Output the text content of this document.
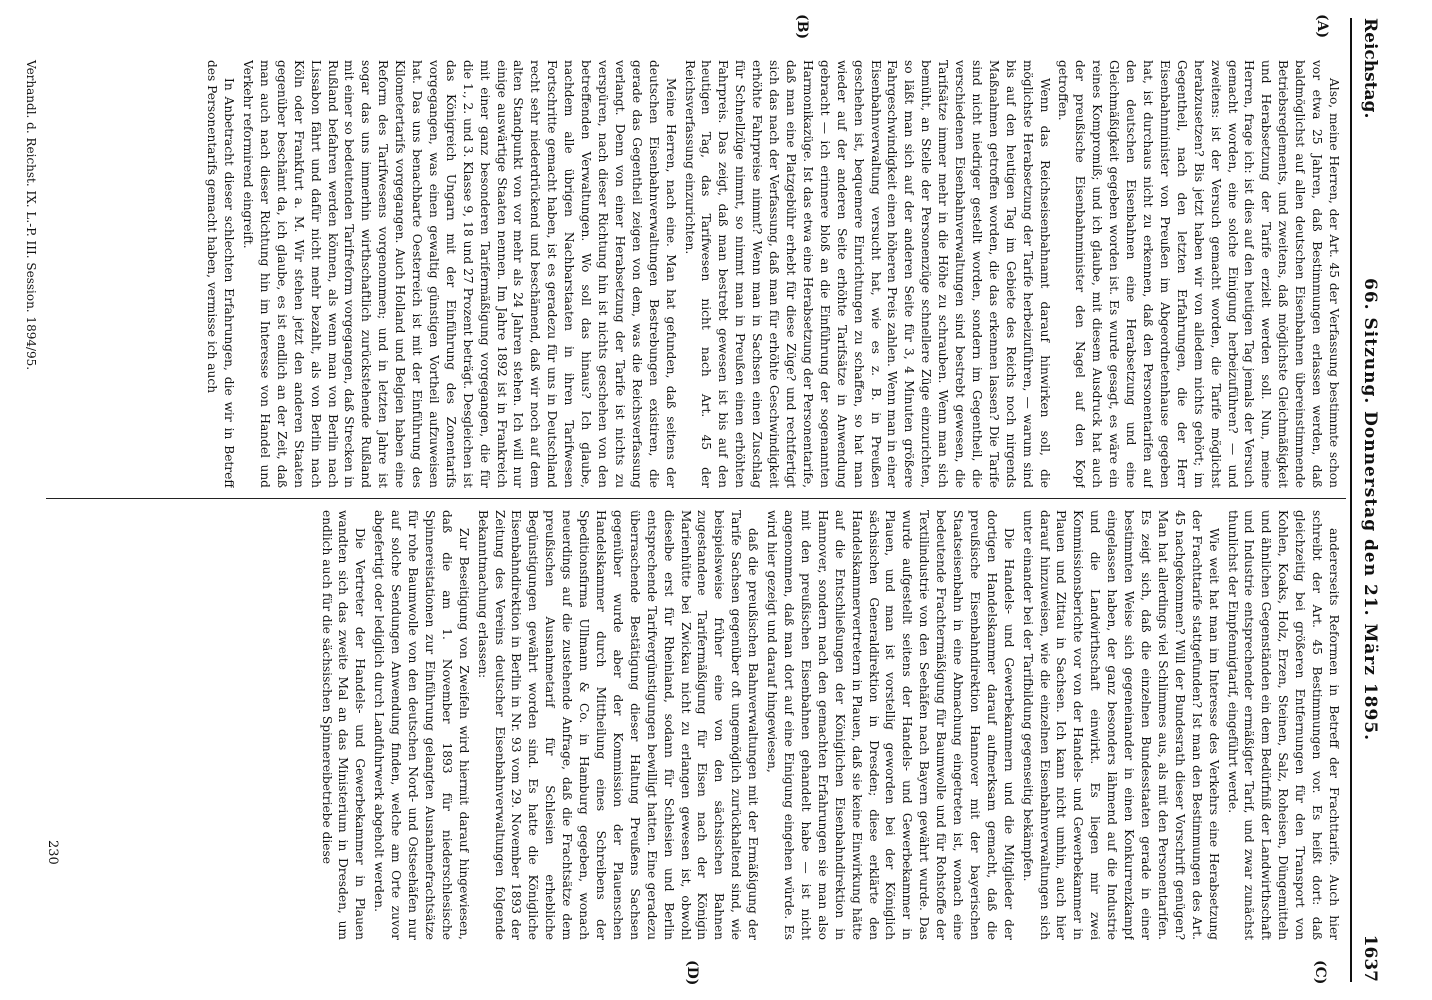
Reichstag.
66. Sitzung. Donnerstag den 21. März 1895.
1637
(A)
(B)
(C)
(D)

Also, meine Herren, der Art. 45 der Verfassung bestimmte schon vor etwa 25 Jahren, daß Bestimmungen erlassen werden, daß baldmöglichst auf allen deutschen Eisenbahnen übereinstimmende Betriebsreglements, und zweitens, daß möglichste Gleichmäßigkeit und Herabsetzung der Tarife erzielt werden soll. Nun, meine Herren, frage ich: ist dies auf den heutigen Tag jemals der Versuch gemacht worden, eine solche Einigung herbeizuführen? — und zweitens: ist der Versuch gemacht worden, die Tarife möglichst herabzusetzen? Bis jetzt haben wir von alledem nichts gehört; im Gegentheil, nach den letzten Erfahrungen, die der Herr Eisenbahnminister von Preußen im Abgeordnetenhause gegeben hat, ist durchaus nicht zu erkennen, daß den Personentarifen auf den deutschen Eisenbahnen eine Herabsetzung und eine Gleichmäßigkeit gegeben worden ist. Es wurde gesagt, es wäre ein reines Kompromiß; und ich glaube, mit diesem Ausdruck hat auch der preußische Eisenbahnminister den Nagel auf den Kopf getroffen.

Wenn das Reichseisenbahnamt darauf hinwirken soll, die möglichste Herabsetzung der Tarife herbeizuführen, — warum sind bis auf den heutigen Tag im Gebiete des Reichs noch nirgends Maßnahmen getroffen worden, die das erkennen lassen? Die Tarife sind nicht niedriger gestellt worden, sondern im Gegentheil, die verschiedenen Eisenbahnverwaltungen sind bestrebt gewesen, die Tarifsätze immer mehr in die Höhe zu schrauben. Wenn man sich bemüht, an Stelle der Personenzüge schnellere Züge einzurichten, so läßt man sich auf der anderen Seite für 3, 4 Minuten größere Fahrgeschwindigkeit einen höheren Preis zahlen. Wenn man in einer Eisenbahnverwaltung versucht hat, wie es z. B. in Preußen geschehen ist, bequemere Einrichtungen zu schaffen, so hat man wieder auf der anderen Seite erhöhte Tarifsätze in Anwendung gebracht — ich erinnere bloß an die Einführung der sogenannten Harmonikazüge. Ist das etwa eine Herabsetzung der Personentarife, daß man eine Platzgebühr erhebt für diese Züge? und rechtfertigt sich das nach der Verfassung, daß man für erhöhte Geschwindigkeit erhöhte Fahrpreise nimmt? Wenn man in Sachsen einen Zuschlag für Schnellzüge nimmt, so nimmt man in Preußen einen erhöhten Fahrpreis. Das zeigt, daß man bestrebt gewesen ist bis auf den heutigen Tag, das Tarifwesen nicht nach Art. 45 der Reichsverfassung einzurichten.

Meine Herren, nach eine. Man hat gefunden, daß seitens der deutschen Eisenbahnverwaltungen Bestrebungen existiren, die gerade das Gegentheil zeigen von dem, was die Reichsverfassung verlangt. Denn von einer Herabsetzung der Tarife ist nichts zu verspüren, nach dieser Richtung hin ist nichts geschehen von den betreffenden Verwaltungen. Wo soll das hinaus? Ich glaube, nachdem alle übrigen Nachbarstaaten in ihren Tarifwesen Fortschritte gemacht haben, ist es geradezu für uns in Deutschland recht sehr niederdrückend und beschämend, daß wir noch auf dem alten Standpunkt von vor mehr als 24 Jahren stehen. Ich will nur einige auswärtige Staaten nennen. Im Jahre 1892 ist in Frankreich mit einer ganz besonderen Tarifermäßigung vorgegangen, die für die 1., 2. und 3. Klasse 9, 18 und 27 Prozent beträgt. Desgleichen ist das Königreich Ungarn mit der Einführung des Zonentarifs vorgegangen, was einen gewaltig günstigen Vortheil aufzuweisen hat. Das uns benachbarte Oesterreich ist mit der Einführung des Kilometertarifs vorgegangen. Auch Holland und Belgien haben eine Reform des Tarifwesens vorgenommen; und in letzten Jahre ist sogar das uns immerhin wirthschaftlich zurückstehende Rußland mit einer so bedeutenden Tarifreform vorgegangen, daß Strecken in Rußland befahren werden können, als wenn man von Berlin nach Lissabon fährt und dafür nicht mehr bezahlt, als von Berlin nach Köln oder Frankfurt a. M. Wir stehen jetzt den anderen Staaten gegenüber beschämt da, ich glaube, es ist endlich an der Zeit, daß man auch nach dieser Richtung hin im Interesse von Handel und Verkehr reformirend eingreift.

In Anbetracht dieser schlechten Erfahrungen, die wir in Betreff des Personentarifs gemacht haben, vermisse ich auch

andererseits Reformen in Betreff der Frachttarife. Auch hier schreibt der Art. 45 Bestimmungen vor. Es heißt dort: daß gleichzeitig bei größeren Entfernungen für den Transport von Kohlen, Koaks, Holz, Erzen, Steinen, Salz, Roheisen, Düngemitteln und ähnlichen Gegenständen ein dem Bedürfniß der Landwirthschaft und Industrie entsprechender ermäßigter Tarif, und zwar zunächst thunlichst der Einpfennigtarif, eingeführt werde.

Wie weit hat man im Interesse des Verkehrs eine Herabsetzung der Frachttarife stattgefunden? Ist man den Bestimmungen des Art. 45 nachgekommen? Will der Bundesrath dieser Vorschrift genügen? Man hat allerdings viel Schlimmes aus, als mit den Personentarifen. Es zeigt sich, daß die einzelnen Bundesstaaten gerade in einer bestimmten Weise sich gegeneinander in einen Konkurrenzkampf eingelassen haben, der ganz besonders lähmend auf die Industrie und die Landwirthschaft einwirkt. Es liegen mir zwei Kommissionsberichte vor von der Handels- und Gewerbekammer in Plauen und Zittau in Sachsen. Ich kann nicht umhin, auch hier darauf hinzuweisen, wie die einzelnen Eisenbahnverwaltungen sich unter einander bei der Tarifbildung gegenseitig bekämpfen.

Die Handels- und Gewerbekammern und die Mitglieder der dortigen Handelskammer darauf aufmerksam gemacht, daß die preußische Eisenbahndirektion Hannover mit der bayerischen Staatseisenbahn in eine Abmachung eingetreten ist, wonach eine bedeutende Frachtermäßigung für Baumwolle und für Rohstoffe der Textilindustrie von den Seehäfen nach Bayern gewährt wurde. Das wurde aufgestellt seitens der Handels- und Gewerbekammer in Plauen, und man ist vorstellig geworden bei der Königlich sächsischen Generaldirektion in Dresden; diese erklärte den Handelskammervertretern in Plauen, daß sie keine Einwirkung hätte auf die Entschließungen der Königlichen Eisenbahndirektion in Hannover, sondern nach den gemachten Erfahrungen sie man also mit den preußischen Eisenbahnen gehandelt habe — ist nicht angenommen, daß man dort auf eine Einigung eingehen würde. Es wird hier gezeigt und darauf hingewiesen,

daß die preußischen Bahnverwaltungen mit der Ermäßigung der Tarife Sachsen gegenüber oft ungemöglich zurückhaltend sind, wie beispielsweise früher eine von den sächsischen Bahnen zugestandene Tarifermäßigung für Eisen nach der Königin Marienhütte bei Zwickau nicht zu erlangen gewesen ist, obwohl dieselbe erst für Rheinland, sodann für Schlesien und Berlin entsprechende Tarifvergünstigungen bewilligt hatten. Eine geradezu überraschende Bestätigung dieser Haltung Preußens Sachsen gegenüber wurde aber der Kommission der Plauenschen Handelskammer durch Mittheilung eines Schreibens der Speditionsfirma Ullmann & Co. in Hamburg gegeben, wonach neuerdings auf die zustehende Anfrage, daß die Frachtsätze dem preußischen Ausnahmetarif für Schlesien erhebliche Begünstigungen gewährt worden sind. Es hatte die Königliche Eisenbahndirektion in Berlin in Nr. 93 vom 29. November 1893 der Zeitung des Vereins deutscher Eisenbahnverwaltungen folgende Bekanntmachung erlassen:

Zur Beseitigung von Zweifeln wird hiermit darauf hingewiesen, daß die am 1. November 1893 für niederschlesische Spinnereistationen zur Einführung gelangten Ausnahmefrachtsätze für rohe Baumwolle von den deutschen Nord- und Ostseehäfen nur auf solche Sendungen Anwendung finden, welche am Orte zuvor abgefertigt oder lediglich durch Landfuhrwerk abgeholt werden.

Die Vertreter der Handels- und Gewerbekammer in Plauen wandten sich das zweite Mal an das Ministerium in Dresden, um endlich auch für die sächsischen Spinnereibetriebe diese

Verhandl. d. Reichst. IX. L.-P. III. Session. 1894/95.
230
